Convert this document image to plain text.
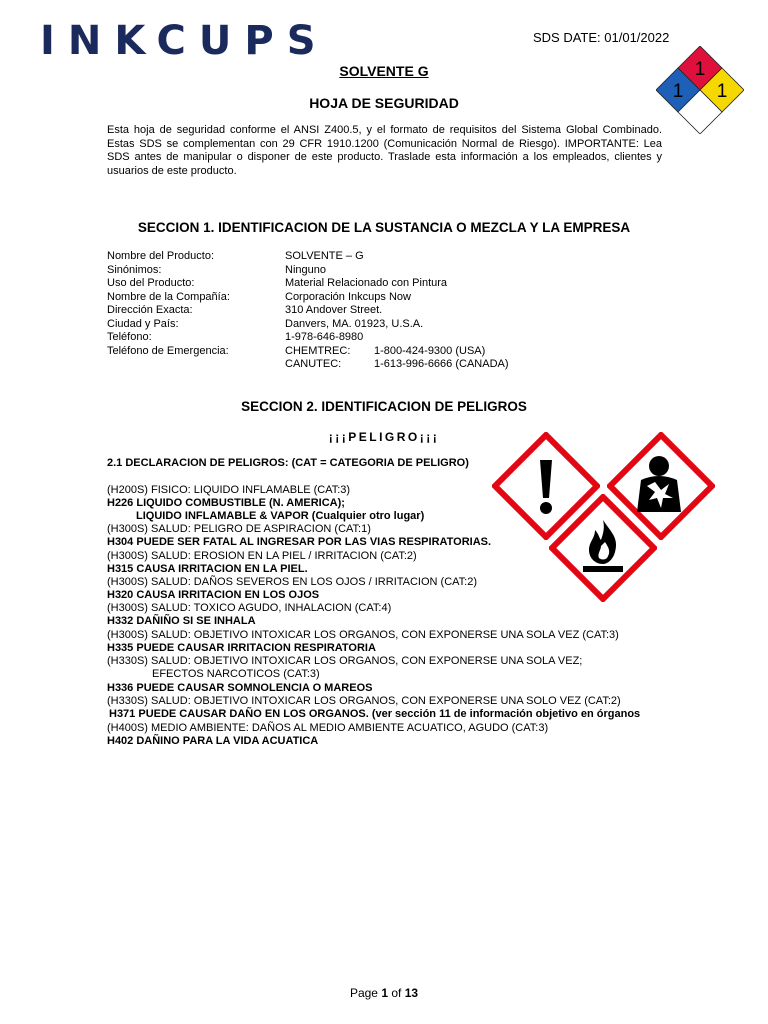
INKCUPS	SDS DATE: 01/01/2022
1
1 1
SOLVENTE G
HOJA DE SEGURIDAD
Esta hoja de seguridad conforme el ANSI Z400.5, y el formato de requisitos del Sistema Global Combinado. Estas SDS se complementan con 29 CFR 1910.1200 (Comunicación Normal de Riesgo). IMPORTANTE: Lea SDS antes de manipular o disponer de este producto. Traslade esta información a los empleados, clientes y usuarios de este producto.
SECCION 1. IDENTIFICACION DE LA SUSTANCIA O MEZCLA Y LA EMPRESA
Nombre del Producto:	SOLVENTE – G
Sinónimos:	Ninguno
Uso del Producto:	Material Relacionado con Pintura
Nombre de la Compañía:	Corporación Inkcups Now
Dirección Exacta:	310 Andover Street.
Ciudad y País:	Danvers, MA. 01923, U.S.A.
Teléfono:	1-978-646-8980
Teléfono de Emergencia:	CHEMTREC: 1-800-424-9300 (USA)
CANUTEC:	1-613-996-6666 (CANADA)
SECCION 2. IDENTIFICACION DE PELIGROS
¡¡¡PELIGRO¡¡¡
2.1 DECLARACION DE PELIGROS: (CAT = CATEGORIA DE PELIGRO)
(H200S) FISICO: LIQUIDO INFLAMABLE (CAT:3)
H226 LIQUIDO COMBUSTIBLE (N. AMERICA);
LIQUIDO INFLAMABLE & VAPOR (Cualquier otro lugar)
(H300S) SALUD: PELIGRO DE ASPIRACION (CAT:1)
H304 PUEDE SER FATAL AL INGRESAR POR LAS VIAS RESPIRATORIAS.
(H300S) SALUD: EROSION EN LA PIEL / IRRITACION (CAT:2)
H315 CAUSA IRRITACION EN LA PIEL.
(H300S) SALUD: DAÑOS SEVEROS EN LOS OJOS / IRRITACION (CAT:2)
H320 CAUSA IRRITACION EN LOS OJOS
(H300S) SALUD: TOXICO AGUDO, INHALACION (CAT:4)
H332 DAÑIÑO SI SE INHALA
(H300S) SALUD: OBJETIVO INTOXICAR LOS ORGANOS, CON EXPONERSE UNA SOLA VEZ (CAT:3)
H335 PUEDE CAUSAR IRRITACION RESPIRATORIA
(H330S) SALUD: OBJETIVO INTOXICAR LOS ORGANOS, CON EXPONERSE UNA SOLA VEZ;
EFECTOS NARCOTICOS (CAT:3)
H336 PUEDE CAUSAR SOMNOLENCIA O MAREOS
(H330S) SALUD: OBJETIVO INTOXICAR LOS ORGANOS, CON EXPONERSE UNA SOLO VEZ (CAT:2)
H371 PUEDE CAUSAR DAÑO EN LOS ORGANOS. (ver sección 11 de información objetivo en órganos
(H400S) MEDIO AMBIENTE: DAÑOS AL MEDIO AMBIENTE ACUATICO, AGUDO (CAT:3)
H402 DAÑINO PARA LA VIDA ACUATICA
Page 1 of 13
